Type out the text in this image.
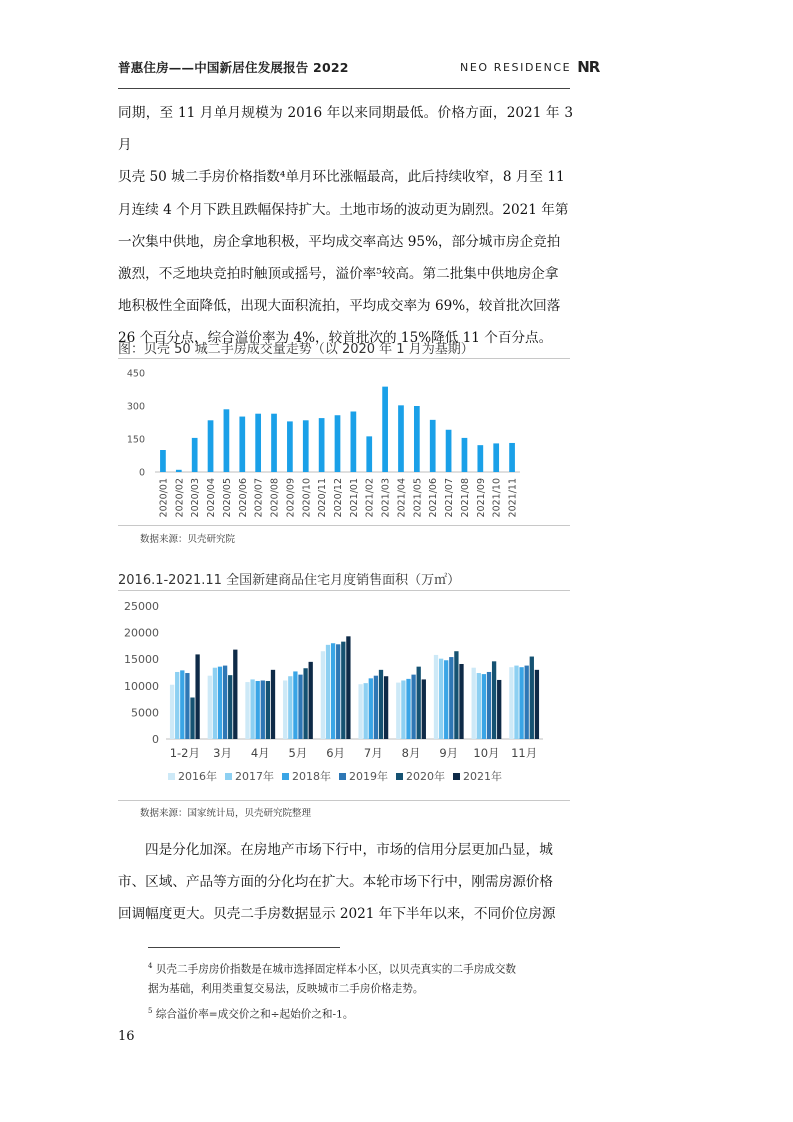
普惠住房——中国新居住发展报告 2022	NEO RESIDENCE NR

同期，至 11 月单月规模为 2016 年以来同期最低。价格方面，2021 年 3 月

贝壳 50 城二手房价格指数⁴单月环比涨幅最高，此后持续收窄，8 月至 11

月连续 4 个月下跌且跌幅保持扩大。土地市场的波动更为剧烈。2021 年第

一次集中供地，房企拿地积极，平均成交率高达 95%，部分城市房企竞拍

激烈，不乏地块竞拍时触顶或摇号，溢价率⁵较高。第二批集中供地房企拿

地积极性全面降低，出现大面积流拍，平均成交率为 69%，较首批次回落

26 个百分点，综合溢价率为 4%，较首批次的 15%降低 11 个百分点。

图：贝壳 50 城二手房成交量走势（以 2020 年 1 月为基期）
0
150
300
450
2020/01 2020/02 2020/03 2020/04 2020/05 2020/06 2020/07 2020/08 2020/09 2020/10 2020/11 2020/12 2021/01 2021/02 2021/03 2021/04 2021/05 2021/06 2021/07 2021/08 2021/09 2021/10 2021/11
数据来源：贝壳研究院
2016.1-2021.11 全国新建商品住宅月度销售面积（万㎡）
0
5000
10000
15000
20000
25000
1-2月 3月 4月 5月 6月 7月 8月 9月 10月 11月
2016年 2017年 2018年 2019年 2020年 2021年
数据来源：国家统计局，贝壳研究院整理

四是分化加深。在房地产市场下行中，市场的信用分层更加凸显，城

市、区域、产品等方面的分化均在扩大。本轮市场下行中，刚需房源价格

回调幅度更大。贝壳二手房数据显示 2021 年下半年以来，不同价位房源

$^4$ 贝壳二手房房价指数是在城市选择固定样本小区，以贝壳真实的二手房成交数
据为基础，利用类重复交易法，反映城市二手房价格走势。
$^5$ 综合溢价率=成交价之和÷起始价之和-1。
16
